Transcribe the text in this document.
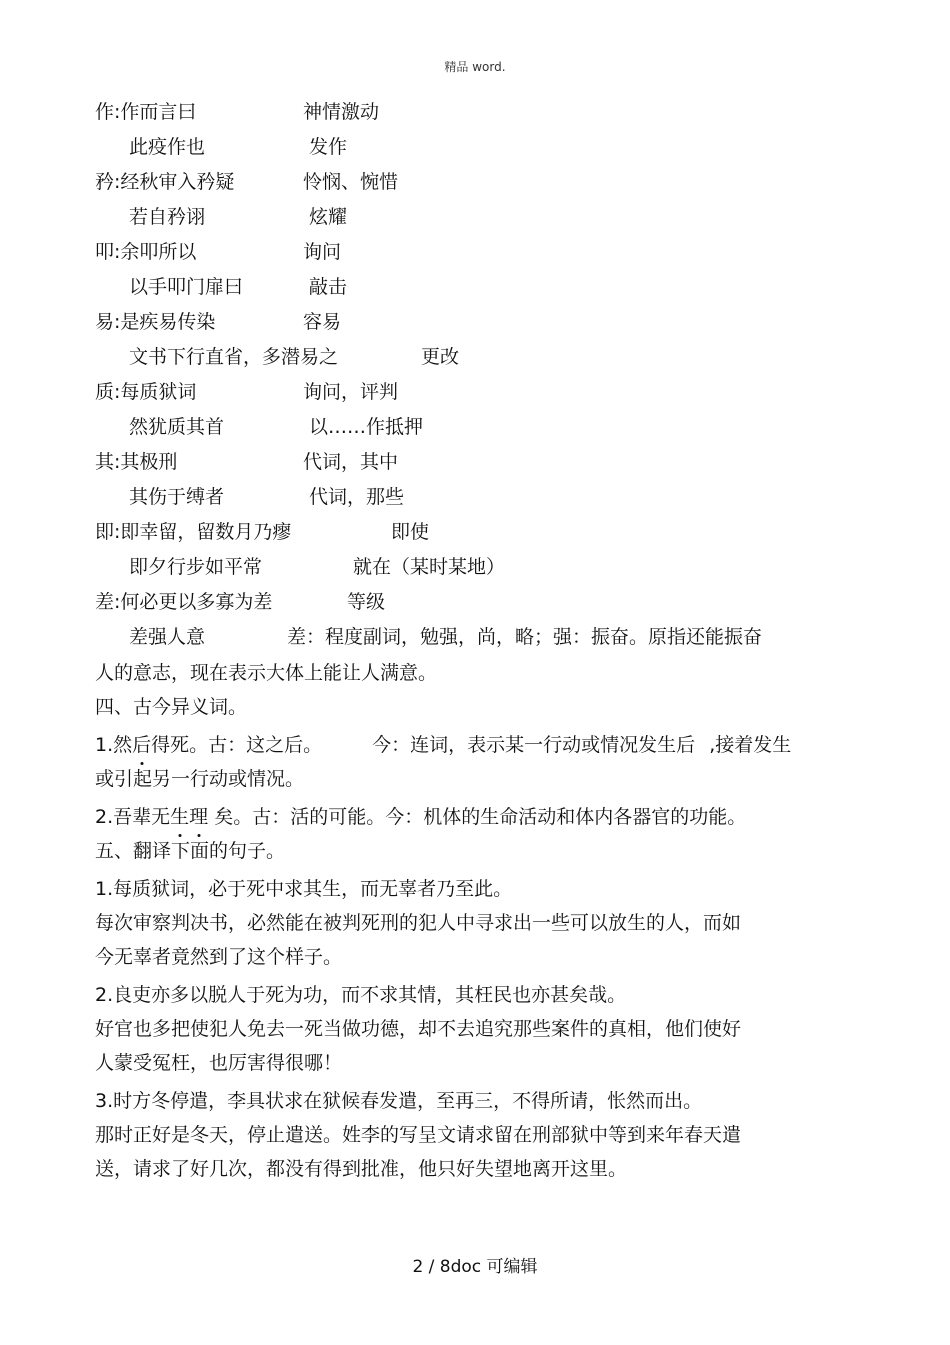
精品 word.
作:作而言曰	神情激动
此疫作也	发作
矜:经秋审入矜疑	怜悯、惋惜
若自矜诩	炫耀
叩:余叩所以	询问
以手叩门扉曰	敲击
易:是疾易传染	容易
文书下行直省，多潜易之	更改
质:每质狱词	询问，评判
然犹质其首	以……作抵押
其:其极刑	代词，其中
其伤于缚者	代词，那些
即:即幸留，留数月乃瘳	即使
即夕行步如平常	就在（某时某地）
差:何必更以多寡为差	等级
差强人意	差：程度副词，勉强，尚，略；强：振奋。原指还能振奋

人的意志，现在表示大体上能让人满意。

四、古今异义词。

1.然后得死。古：这之后。	今：连词，表示某一行动或情况发生后 ,接着发生

或引起另一行动或情况。

2.吾辈无生理 矣。古：活的可能。今：机体的生命活动和体内各器官的功能。

五、翻译下面的句子。

1.每质狱词，必于死中求其生，而无辜者乃至此。

每次审察判决书，必然能在被判死刑的犯人中寻求出一些可以放生的人，而如

今无辜者竟然到了这个样子。

2.良吏亦多以脱人于死为功，而不求其情，其枉民也亦甚矣哉。

好官也多把使犯人免去一死当做功德，却不去追究那些案件的真相，他们使好

人蒙受冤枉，也厉害得很哪！

3.时方冬停遣，李具状求在狱候春发遣，至再三，不得所请，怅然而出。

那时正好是冬天，停止遣送。姓李的写呈文请求留在刑部狱中等到来年春天遣

送，请求了好几次，都没有得到批准，他只好失望地离开这里。

2 / 8doc 可编辑
